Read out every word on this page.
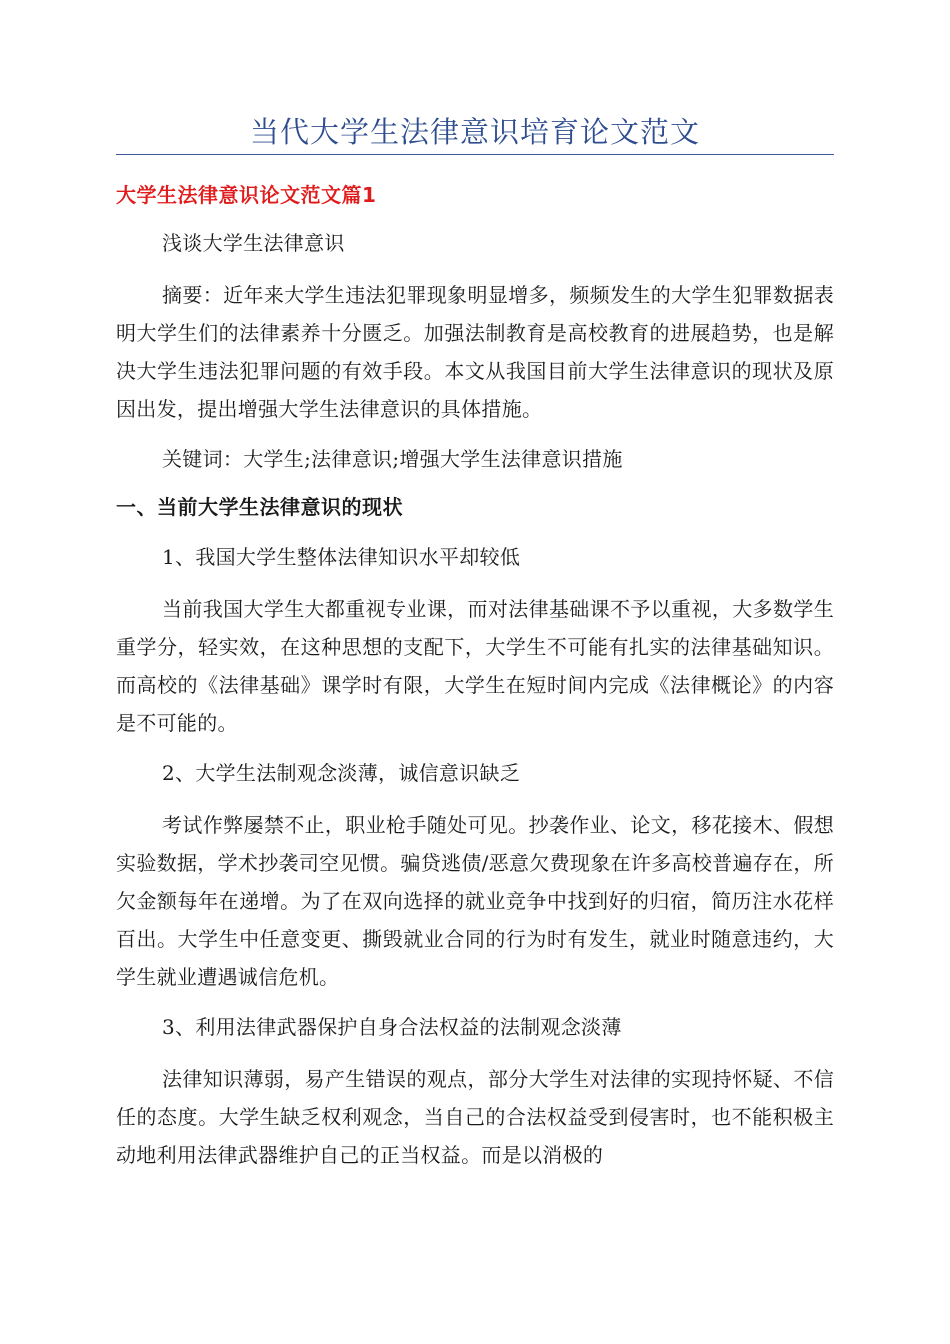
当代大学生法律意识培育论文范文

大学生法律意识论文范文篇1

浅谈大学生法律意识

摘要：近年来大学生违法犯罪现象明显增多，频频发生的大学生犯罪数据表明大学生们的法律素养十分匮乏。加强法制教育是高校教育的进展趋势，也是解决大学生违法犯罪问题的有效手段。本文从我国目前大学生法律意识的现状及原因出发，提出增强大学生法律意识的具体措施。

关键词：大学生;法律意识;增强大学生法律意识措施

一、当前大学生法律意识的现状

1、我国大学生整体法律知识水平却较低

当前我国大学生大都重视专业课，而对法律基础课不予以重视，大多数学生重学分，轻实效，在这种思想的支配下，大学生不可能有扎实的法律基础知识。而高校的《法律基础》课学时有限，大学生在短时间内完成《法律概论》的内容是不可能的。

2、大学生法制观念淡薄，诚信意识缺乏

考试作弊屡禁不止，职业枪手随处可见。抄袭作业、论文，移花接木、假想实验数据，学术抄袭司空见惯。骗贷逃债/恶意欠费现象在许多高校普遍存在，所欠金额每年在递增。为了在双向选择的就业竞争中找到好的归宿，简历注水花样百出。大学生中任意变更、撕毁就业合同的行为时有发生，就业时随意违约，大学生就业遭遇诚信危机。

3、利用法律武器保护自身合法权益的法制观念淡薄

法律知识薄弱，易产生错误的观点，部分大学生对法律的实现持怀疑、不信任的态度。大学生缺乏权利观念，当自己的合法权益受到侵害时，也不能积极主动地利用法律武器维护自己的正当权益。而是以消极的
